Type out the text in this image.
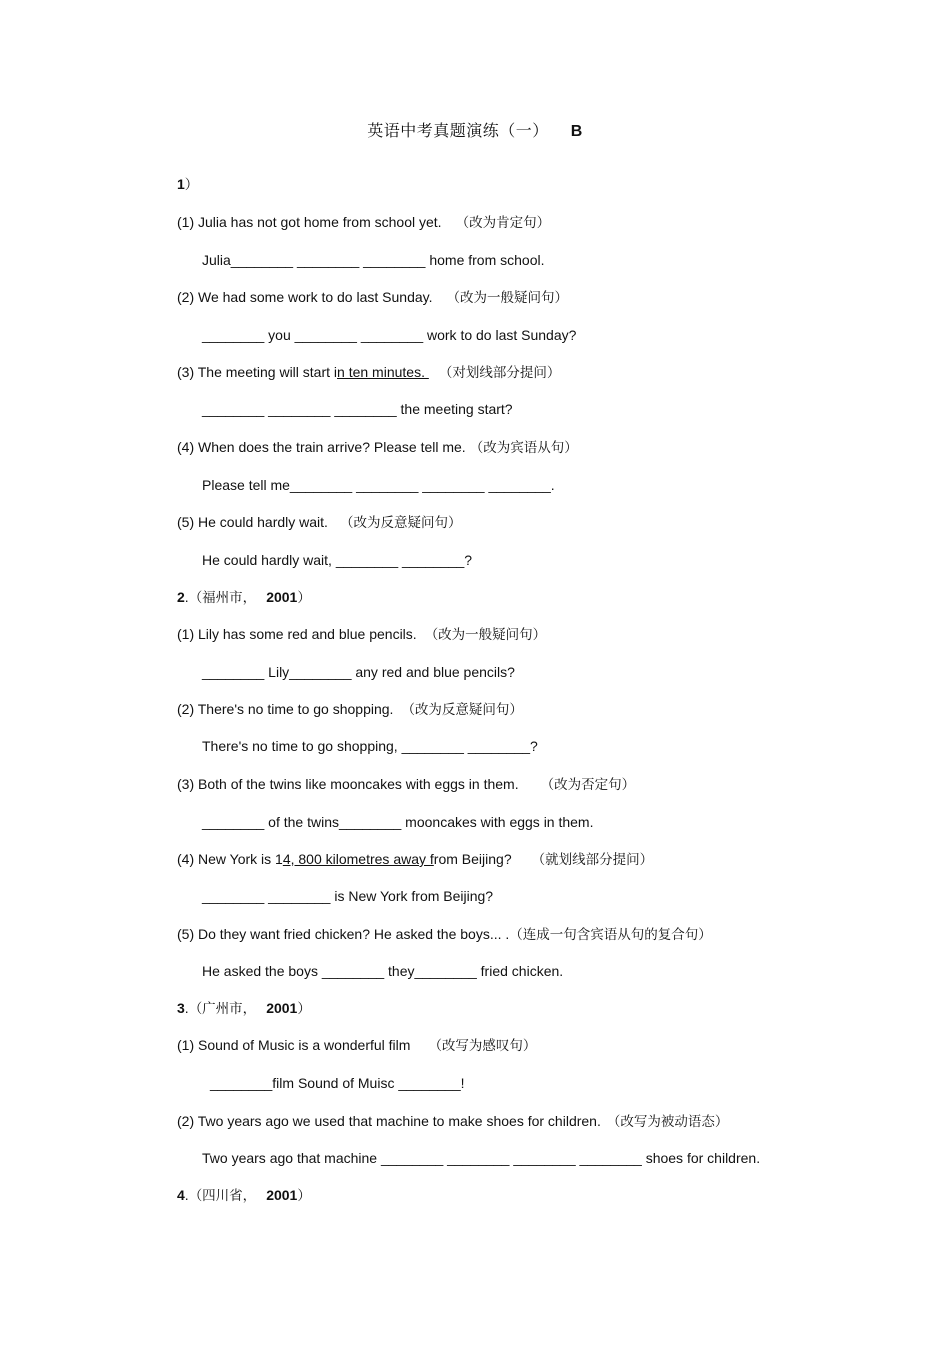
英语中考真题演练（一） B
1）
(1) Julia has not got home from school yet. （改为肯定句）
Julia________ ________ ________ home from school.
(2) We had some work to do last Sunday. （改为一般疑问句）
________ you ________ ________ work to do last Sunday?
(3) The meeting will start in ten minutes. （对划线部分提问）
________ ________ ________ the meeting start?
(4) When does the train arrive? Please tell me. （改为宾语从句）
Please tell me________ ________ ________ ________.
(5) He could hardly wait. （改为反意疑问句）
He could hardly wait, ________ ________?
2.（福州市， 2001）
(1) Lily has some red and blue pencils. （改为一般疑问句）
________ Lily________ any red and blue pencils?
(2) There's no time to go shopping. （改为反意疑问句）
There's no time to go shopping, ________ ________?
(3) Both of the twins like mooncakes with eggs in them. （改为否定句）
________ of the twins________ mooncakes with eggs in them.
(4) New York is 14, 800 kilometres away from Beijing? （就划线部分提问）
________ ________ is New York from Beijing?
(5) Do they want fried chicken? He asked the boys... .（连成一句含宾语从句的复合句）
He asked the boys ________ they________ fried chicken.
3.（广州市， 2001）
(1) Sound of Music is a wonderful film （改写为感叹句）
________film Sound of Muisc ________!
(2) Two years ago we used that machine to make shoes for children. （改写为被动语态）
Two years ago that machine ________ ________ ________ ________ shoes for children.
4.（四川省， 2001）
